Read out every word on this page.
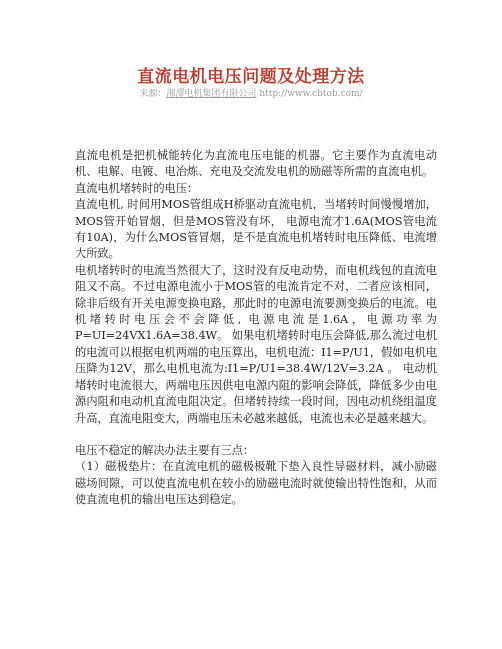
直流电机电压问题及处理方法
来源：湘潭电机集团有限公司 http://www.cbtob.com/

直流电机是把机械能转化为直流电压电能的机器。它主要作为直流电动机、电解、电镀、电冶炼、充电及交流发电机的励磁等所需的直流电机。

直流电机堵转时的电压：

直流电机, 时间用MOS管组成H桥驱动直流电机，当堵转时间慢慢增加，MOS管开始冒烟，但是MOS管没有坏， 电源电流才1.6A(MOS管电流有10A)，为什么MOS管冒烟，是不是直流电机堵转时电压降低、电流增大所致。

电机堵转时的电流当然很大了，这时没有反电动势，而电机线包的直流电阻又不高。不过电源电流小于MOS管的电流肯定不对，二者应该相同，除非后级有开关电源变换电路，那此时的电源电流要测变换后的电流。电机堵转时电压会不会降低, 电源电流是1.6A，电源功率为P=UI=24VX1.6A=38.4W。 如果电机堵转时电压会降低,那么流过电机的电流可以根据电机两端的电压算出，电机电流：I1=P/U1，假如电机电压降为12V，那么电机电流为:I1=P/U1=38.4W/12V=3.2A 。 电动机堵转时电流很大，两端电压因供电电源内阻的影响会降低，降低多少由电源内阻和电动机直流电阻决定。但堵转持续一段时间，因电动机绕组温度升高，直流电阻变大，两端电压未必越来越低，电流也未必是越来越大。

电压不稳定的解决办法主要有三点：

（1）磁极垫片：在直流电机的磁极极靴下垫入良性导磁材料，减小励磁磁场间隙，可以使直流电机在较小的励磁电流时就使输出特性饱和，从而使直流电机的输出电压达到稳定。
